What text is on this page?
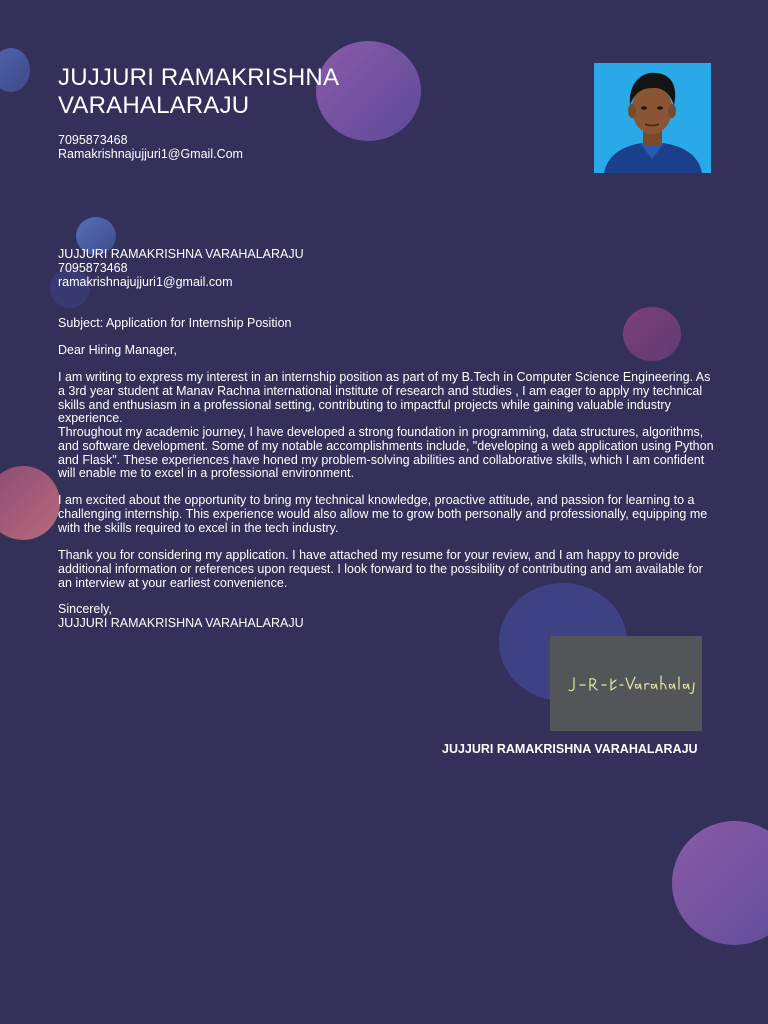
JUJJURI RAMAKRISHNA VARAHALARAJU
7095873468
Ramakrishnajujjuri1@Gmail.Com
JUJJURI RAMAKRISHNA VARAHALARAJU
7095873468
ramakrishnajujjuri1@gmail.com
Subject: Application for Internship Position
Dear Hiring Manager,
I am writing to express my interest in an internship position as part of my B.Tech in Computer Science Engineering. As a 3rd year student at Manav Rachna international institute of research and studies , I am eager to apply my technical skills and enthusiasm in a professional setting, contributing to impactful projects while gaining valuable industry experience.
Throughout my academic journey, I have developed a strong foundation in programming, data structures, algorithms, and software development. Some of my notable accomplishments include, "developing a web application using Python and Flask". These experiences have honed my problem-solving abilities and collaborative skills, which I am confident will enable me to excel in a professional environment.
I am excited about the opportunity to bring my technical knowledge, proactive attitude, and passion for learning to a challenging internship. This experience would also allow me to grow both personally and professionally, equipping me with the skills required to excel in the tech industry.
Thank you for considering my application. I have attached my resume for your review, and I am happy to provide additional information or references upon request. I look forward to the possibility of contributing and am available for an interview at your earliest convenience.
Sincerely,
JUJJURI RAMAKRISHNA VARAHALARAJU
JUJJURI RAMAKRISHNA VARAHALARAJU
